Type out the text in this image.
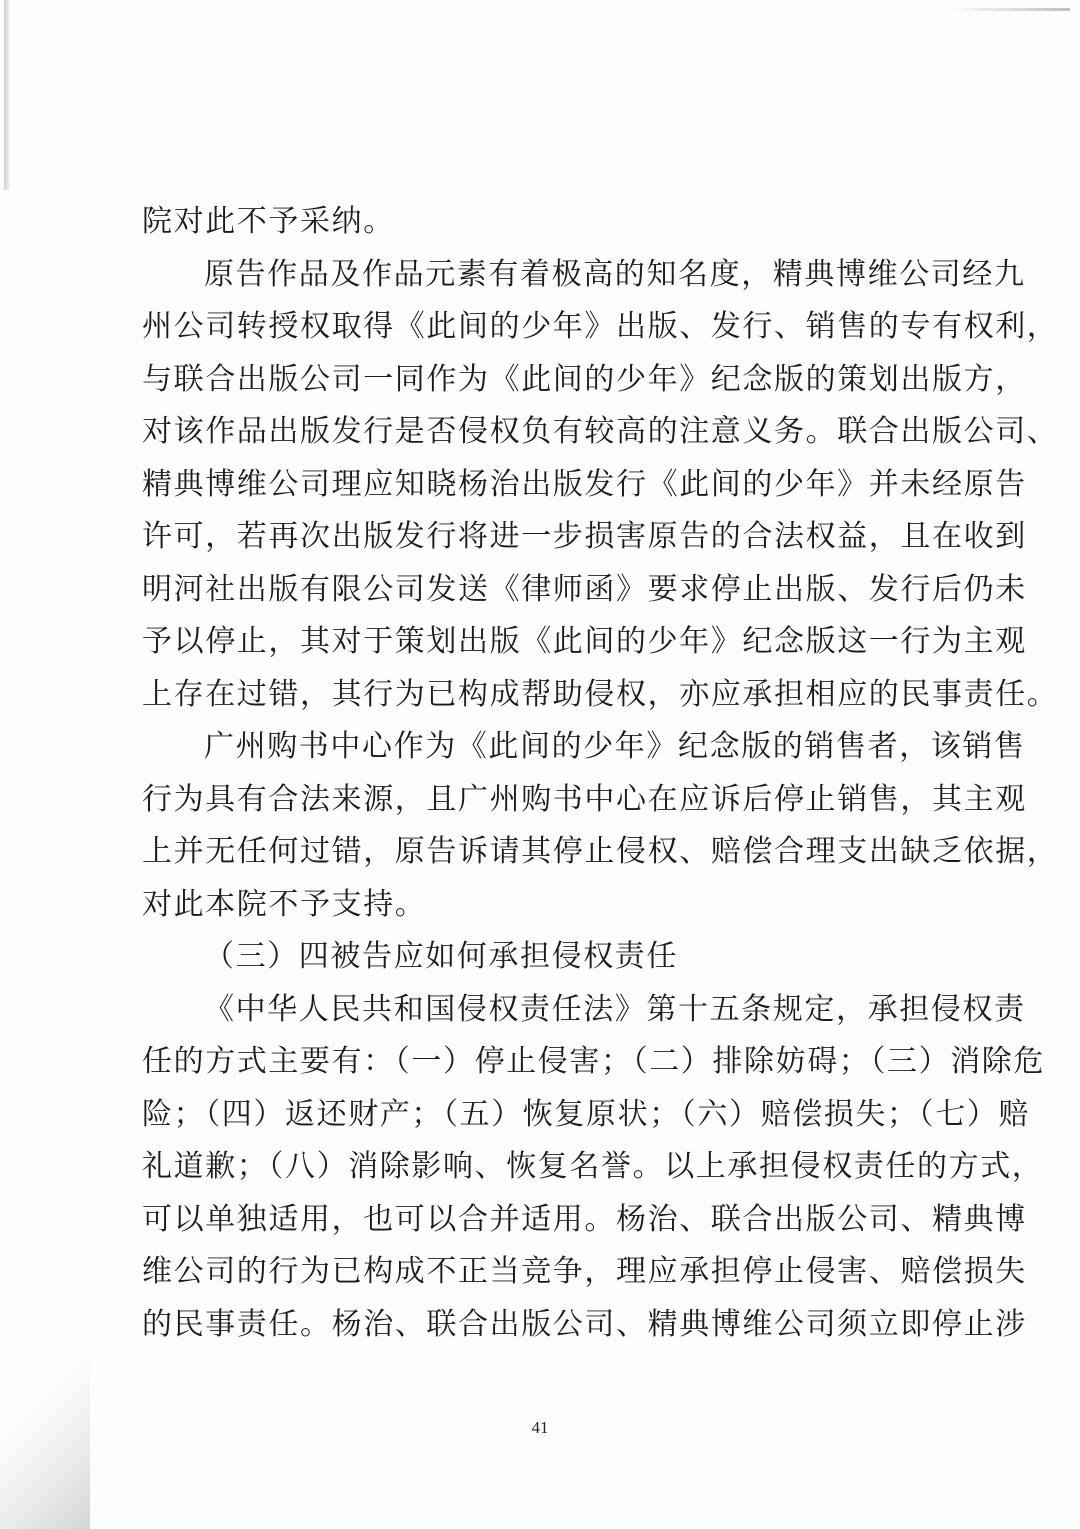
院对此不予采纳。
原告作品及作品元素有着极高的知名度，精典博维公司经九
州公司转授权取得《此间的少年》出版、发行、销售的专有权利，
与联合出版公司一同作为《此间的少年》纪念版的策划出版方，
对该作品出版发行是否侵权负有较高的注意义务。联合出版公司、
精典博维公司理应知晓杨治出版发行《此间的少年》并未经原告
许可，若再次出版发行将进一步损害原告的合法权益，且在收到
明河社出版有限公司发送《律师函》要求停止出版、发行后仍未
予以停止，其对于策划出版《此间的少年》纪念版这一行为主观
上存在过错，其行为已构成帮助侵权，亦应承担相应的民事责任。
广州购书中心作为《此间的少年》纪念版的销售者，该销售
行为具有合法来源，且广州购书中心在应诉后停止销售，其主观
上并无任何过错，原告诉请其停止侵权、赔偿合理支出缺乏依据，
对此本院不予支持。
（三）四被告应如何承担侵权责任
《中华人民共和国侵权责任法》第十五条规定，承担侵权责
任的方式主要有：（一）停止侵害；（二）排除妨碍；（三）消除危
险；（四）返还财产；（五）恢复原状；（六）赔偿损失；（七）赔
礼道歉；（八）消除影响、恢复名誉。以上承担侵权责任的方式，
可以单独适用，也可以合并适用。杨治、联合出版公司、精典博
维公司的行为已构成不正当竞争，理应承担停止侵害、赔偿损失
的民事责任。杨治、联合出版公司、精典博维公司须立即停止涉
41
